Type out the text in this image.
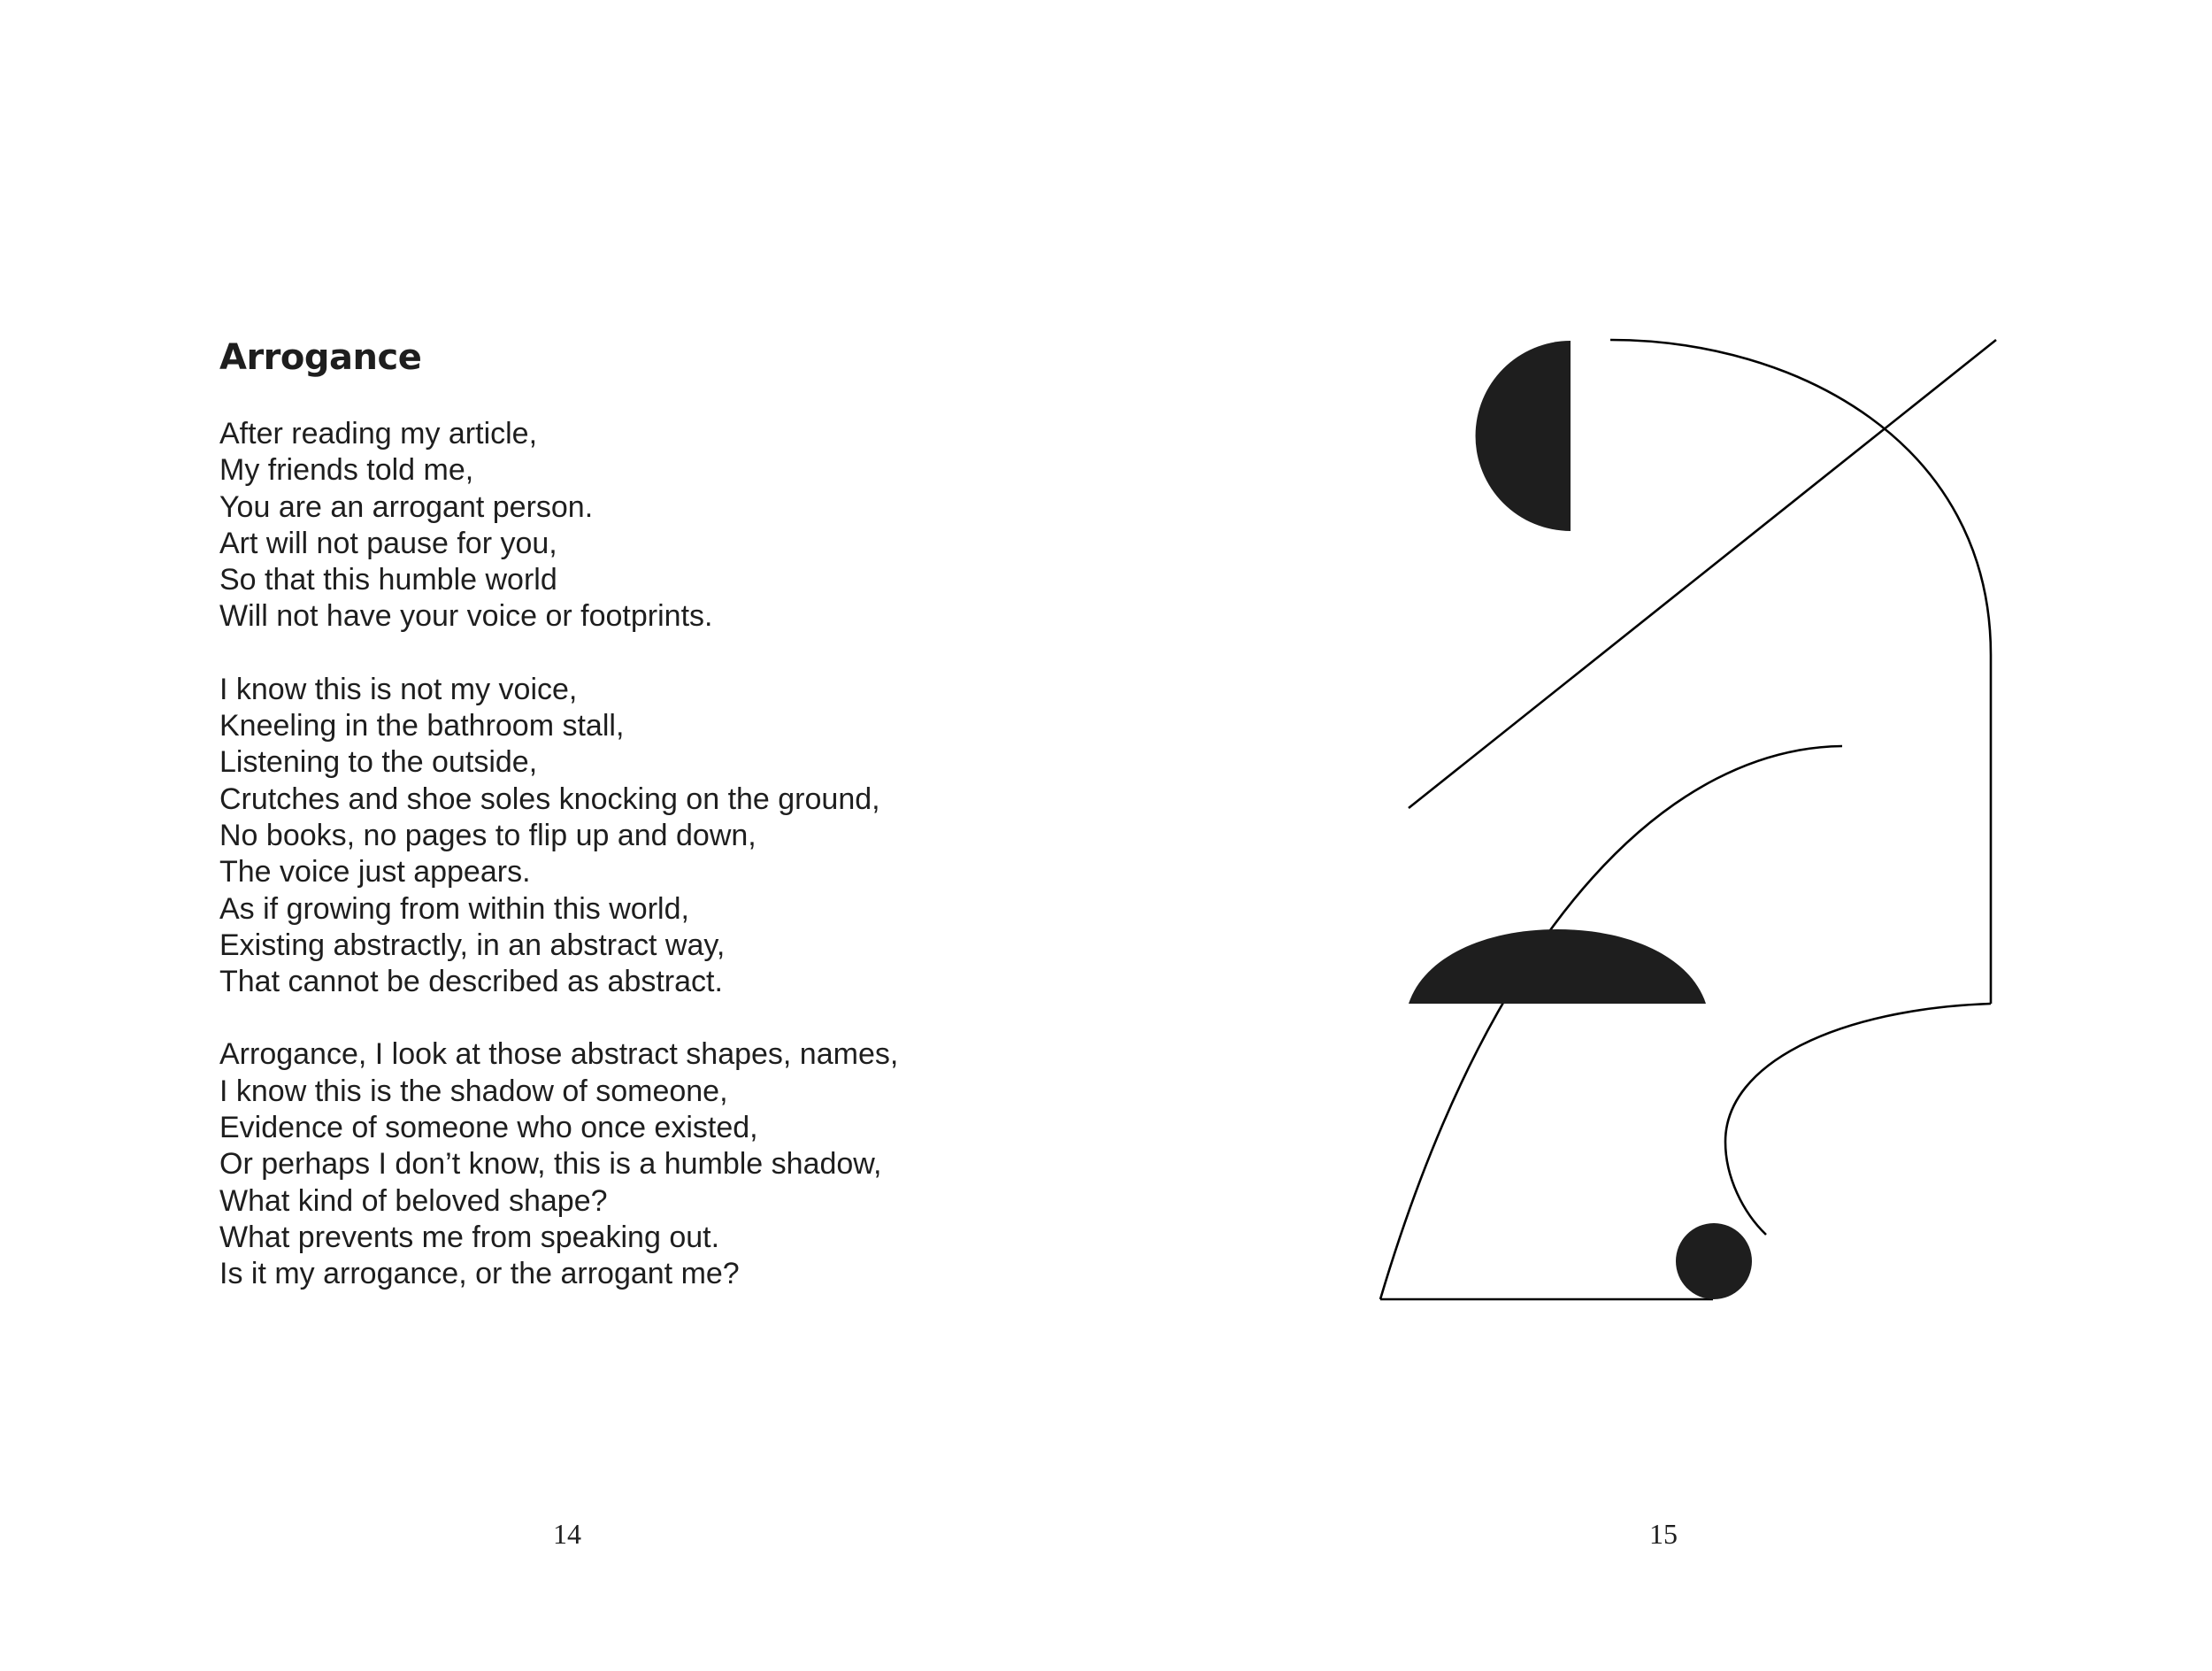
Arrogance
After reading my article,
My friends told me,
You are an arrogant person.
Art will not pause for you,
So that this humble world
Will not have your voice or footprints.
I know this is not my voice,
Kneeling in the bathroom stall,
Listening to the outside,
Crutches and shoe soles knocking on the ground,
No books, no pages to flip up and down,
The voice just appears.
As if growing from within this world,
Existing abstractly, in an abstract way,
That cannot be described as abstract.
Arrogance, I look at those abstract shapes, names,
I know this is the shadow of someone,
Evidence of someone who once existed,
Or perhaps I don’t know, this is a humble shadow,
What kind of beloved shape?
What prevents me from speaking out.
Is it my arrogance, or the arrogant me?
14	15
